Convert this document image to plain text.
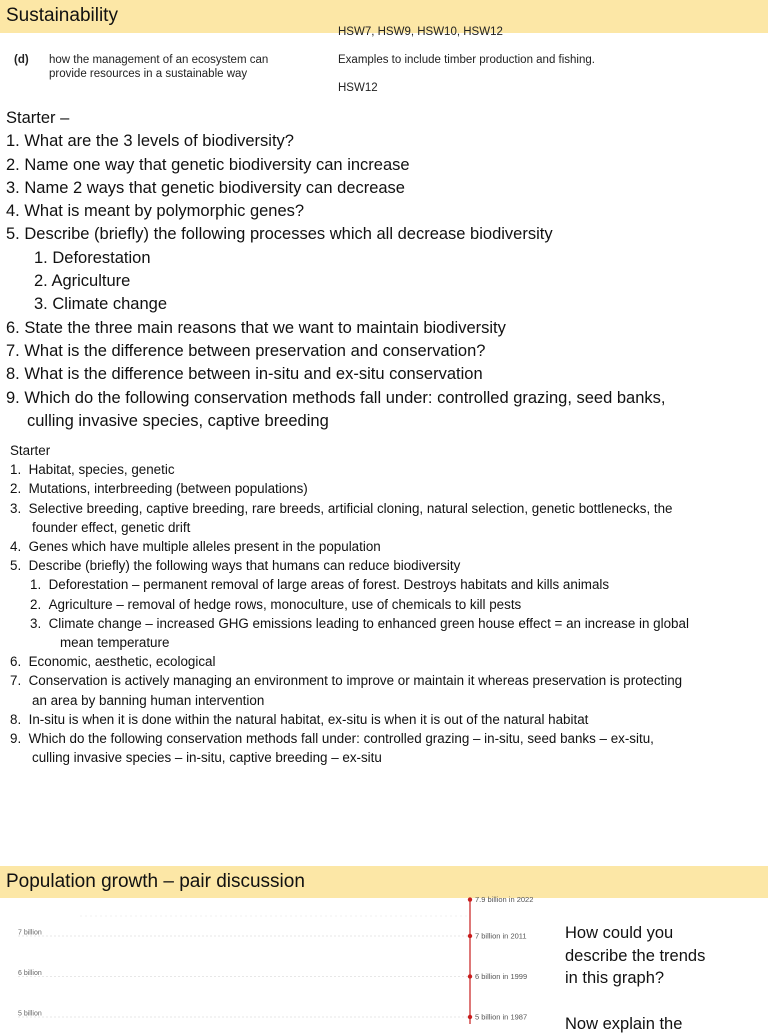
Sustainability
HSW7, HSW9, HSW10, HSW12
(d) how the management of an ecosystem can
provide resources in a sustainable way
Examples to include timber production and fishing.
HSW12
Starter –
1. What are the 3 levels of biodiversity?
2. Name one way that genetic biodiversity can increase
3. Name 2 ways that genetic biodiversity can decrease
4. What is meant by polymorphic genes?
5. Describe (briefly) the following processes which all decrease biodiversity
1. Deforestation
2. Agriculture
3. Climate change
6. State the three main reasons that we want to maintain biodiversity
7. What is the difference between preservation and conservation?
8. What is the difference between in-situ and ex-situ conservation
9. Which do the following conservation methods fall under: controlled grazing, seed banks,
culling invasive species, captive breeding
Starter
1. Habitat, species, genetic
2. Mutations, interbreeding (between populations)
3. Selective breeding, captive breeding, rare breeds, artificial cloning, natural selection, genetic bottlenecks, the
founder effect, genetic drift
4. Genes which have multiple alleles present in the population
5. Describe (briefly) the following ways that humans can reduce biodiversity
1. Deforestation – permanent removal of large areas of forest. Destroys habitats and kills animals
2. Agriculture – removal of hedge rows, monoculture, use of chemicals to kill pests
3. Climate change – increased GHG emissions leading to enhanced green house effect = an increase in global
mean temperature
6. Economic, aesthetic, ecological
7. Conservation is actively managing an environment to improve or maintain it whereas preservation is protecting
an area by banning human intervention
8. In-situ is when it is done within the natural habitat, ex-situ is when it is out of the natural habitat
9. Which do the following conservation methods fall under: controlled grazing – in-situ, seed banks – ex-situ,
culling invasive species – in-situ, captive breeding – ex-situ
Population growth – pair discussion
7 billion
6 billion
5 billion
7.9 billion in 2022
7 billion in 2011
6 billion in 1999
5 billion in 1987
How could you
describe the trends
in this graph?
Now explain the
